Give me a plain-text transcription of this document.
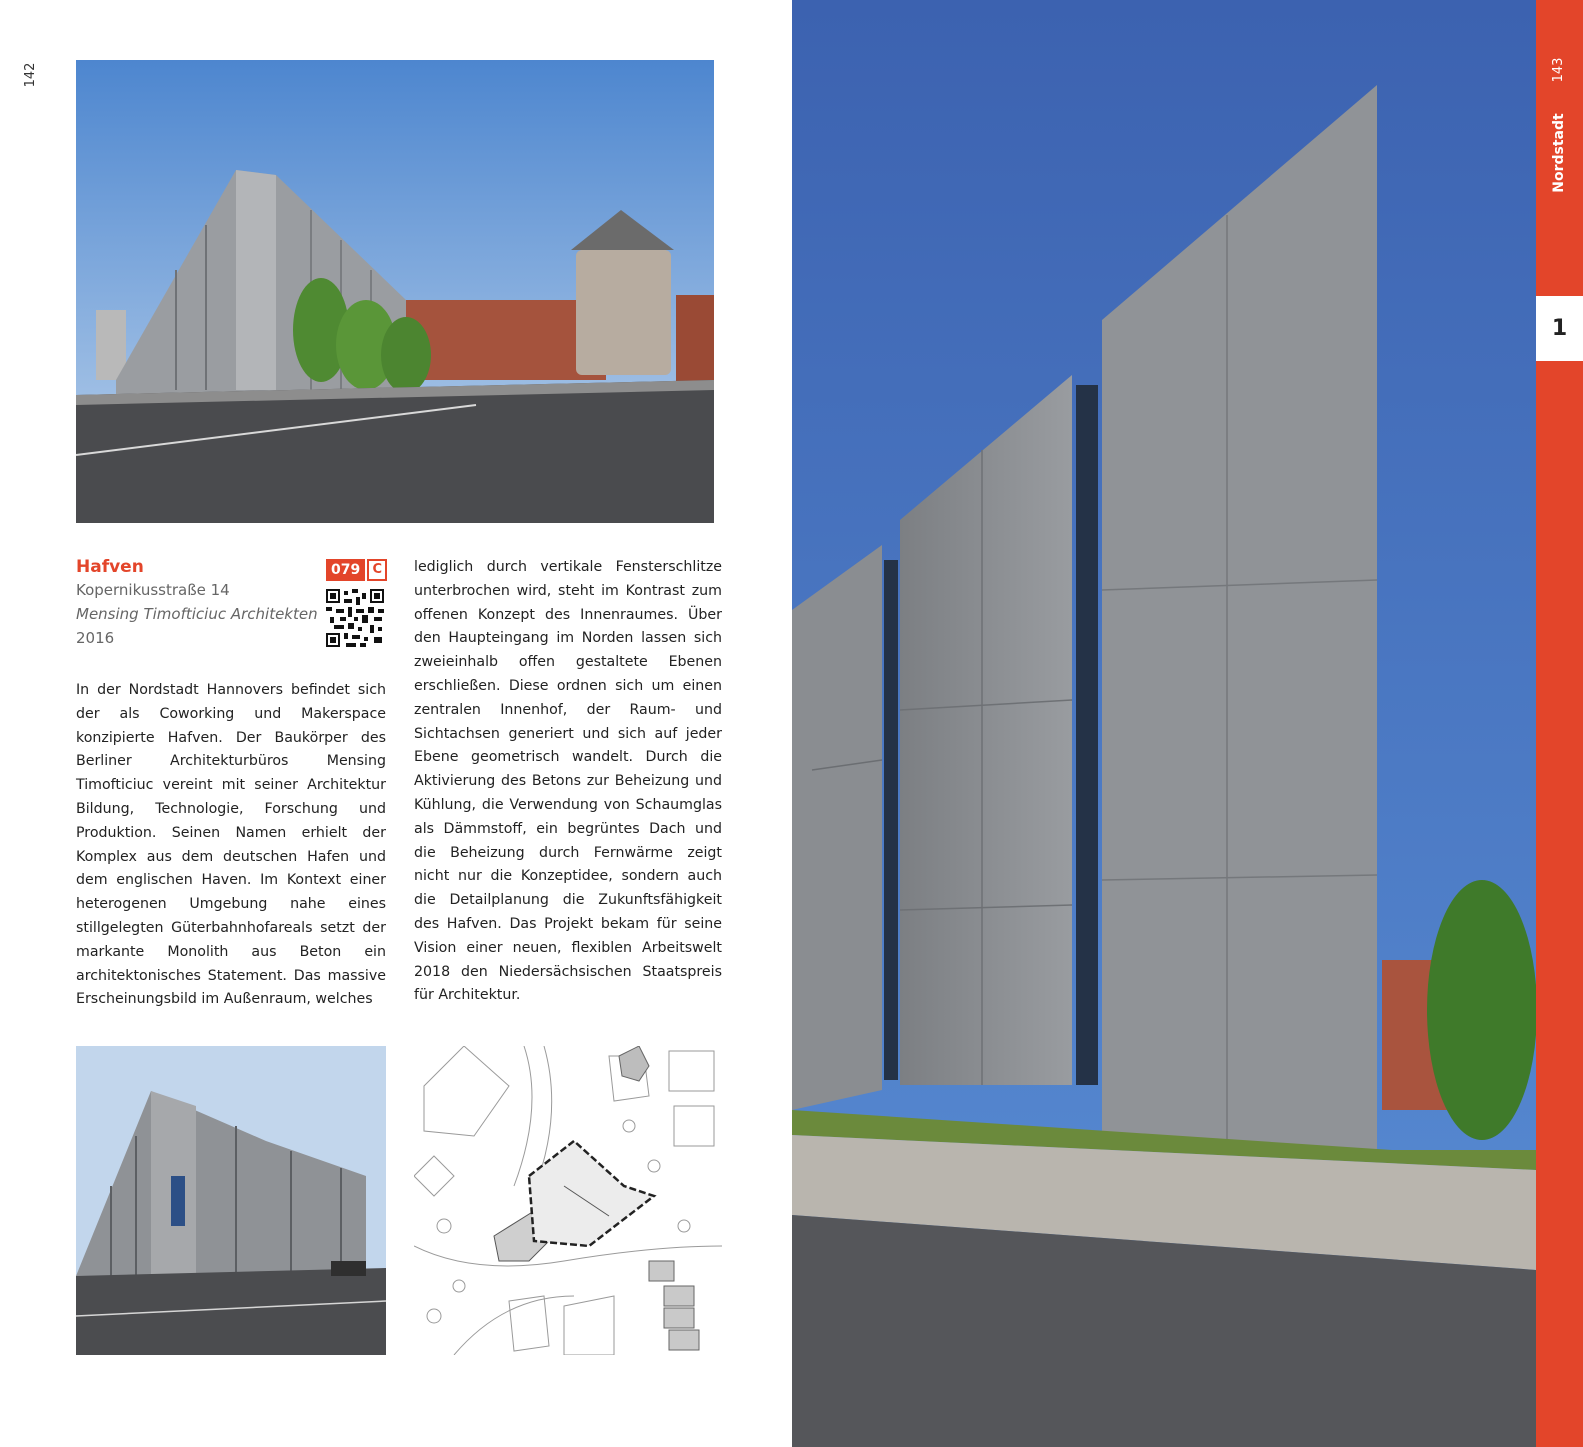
142
Hafven
Kopernikusstraße 14
Mensing Timofticiuc Architekten
2016
079 C
In der Nordstadt Hannovers befindet sich der als Coworking und Makerspace konzipierte Hafven. Der Baukörper des Berliner Architekturbüros Mensing Timofticiuc vereint mit seiner Architektur Bildung, Technologie, Forschung und Produktion. Seinen Namen erhielt der Komplex aus dem deutschen Hafen und dem englischen Haven. Im Kontext einer heterogenen Umgebung nahe eines stillgelegten Güterbahnhofareals setzt der markante Monolith aus Beton ein architektonisches Statement. Das massive Erscheinungsbild im Außenraum, welches
lediglich durch vertikale Fensterschlitze unterbrochen wird, steht im Kontrast zum offenen Konzept des Innenraumes. Über den Haupteingang im Norden lassen sich zweieinhalb offen gestaltete Ebenen erschließen. Diese ordnen sich um einen zentralen Innenhof, der Raum- und Sichtachsen generiert und sich auf jeder Ebene geometrisch wandelt. Durch die Aktivierung des Betons zur Beheizung und Kühlung, die Verwendung von Schaumglas als Dämmstoff, ein begrüntes Dach und die Beheizung durch Fernwärme zeigt nicht nur die Konzeptidee, sondern auch die Detailplanung die Zukunftsfähigkeit des Hafven. Das Projekt bekam für seine Vision einer neuen, flexiblen Arbeitswelt 2018 den Niedersächsischen Staatspreis für Architektur.
143
Nordstadt
1
